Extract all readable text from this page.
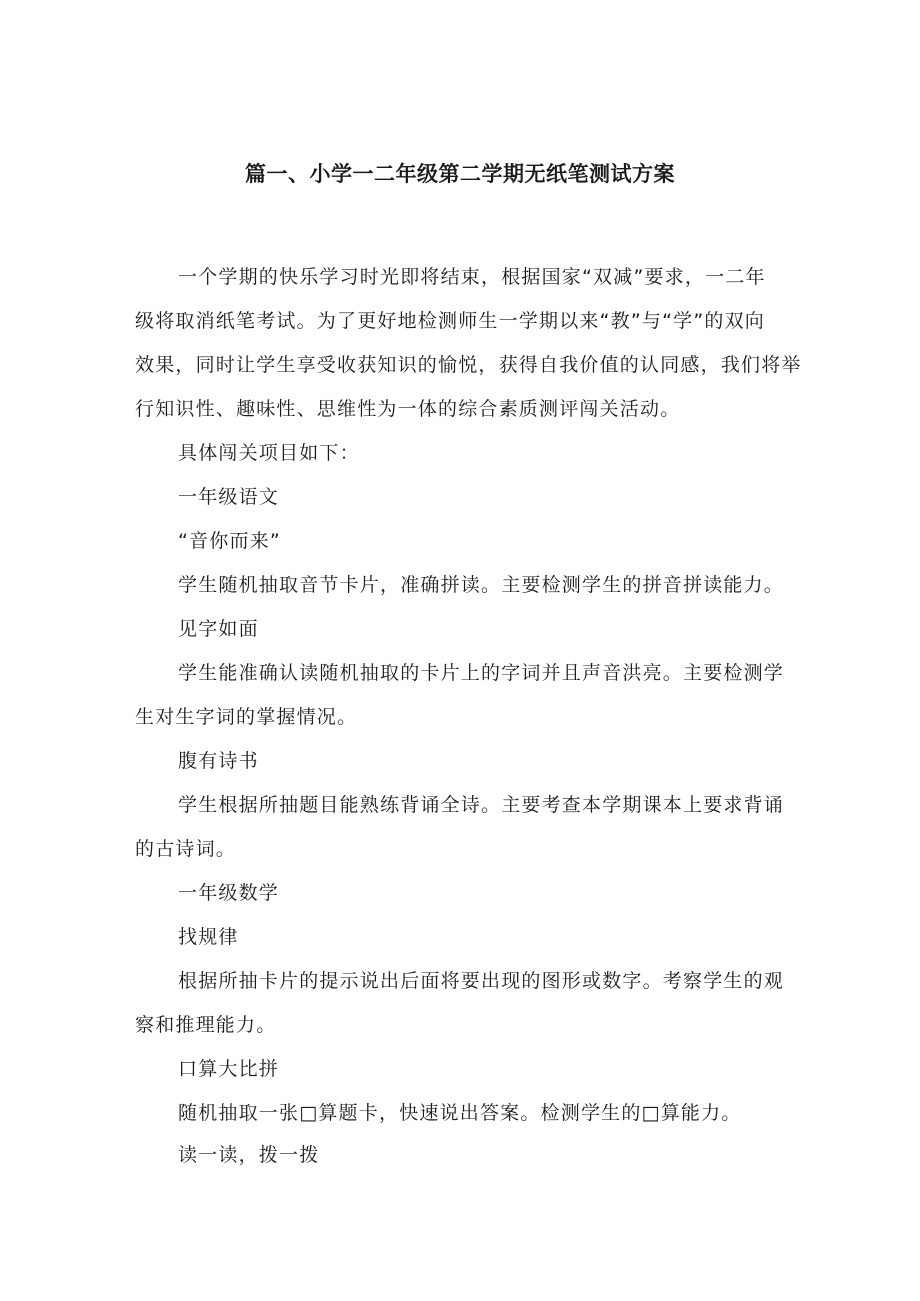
篇一、小学一二年级第二学期无纸笔测试方案
一个学期的快乐学习时光即将结束，根据国家“双减”要求，一二年
级将取消纸笔考试。为了更好地检测师生一学期以来“教”与“学”的双向
效果，同时让学生享受收获知识的愉悦，获得自我价值的认同感，我们将举
行知识性、趣味性、思维性为一体的综合素质测评闯关活动。
具体闯关项目如下：
一年级语文
“音你而来”
学生随机抽取音节卡片，准确拼读。主要检测学生的拼音拼读能力。
见字如面
学生能准确认读随机抽取的卡片上的字词并且声音洪亮。主要检测学
生对生字词的掌握情况。
腹有诗书
学生根据所抽题目能熟练背诵全诗。主要考查本学期课本上要求背诵
的古诗词。
一年级数学
找规律
根据所抽卡片的提示说出后面将要出现的图形或数字。考察学生的观
察和推理能力。
口算大比拼
随机抽取一张□算题卡，快速说出答案。检测学生的□算能力。
读一读，拨一拨
